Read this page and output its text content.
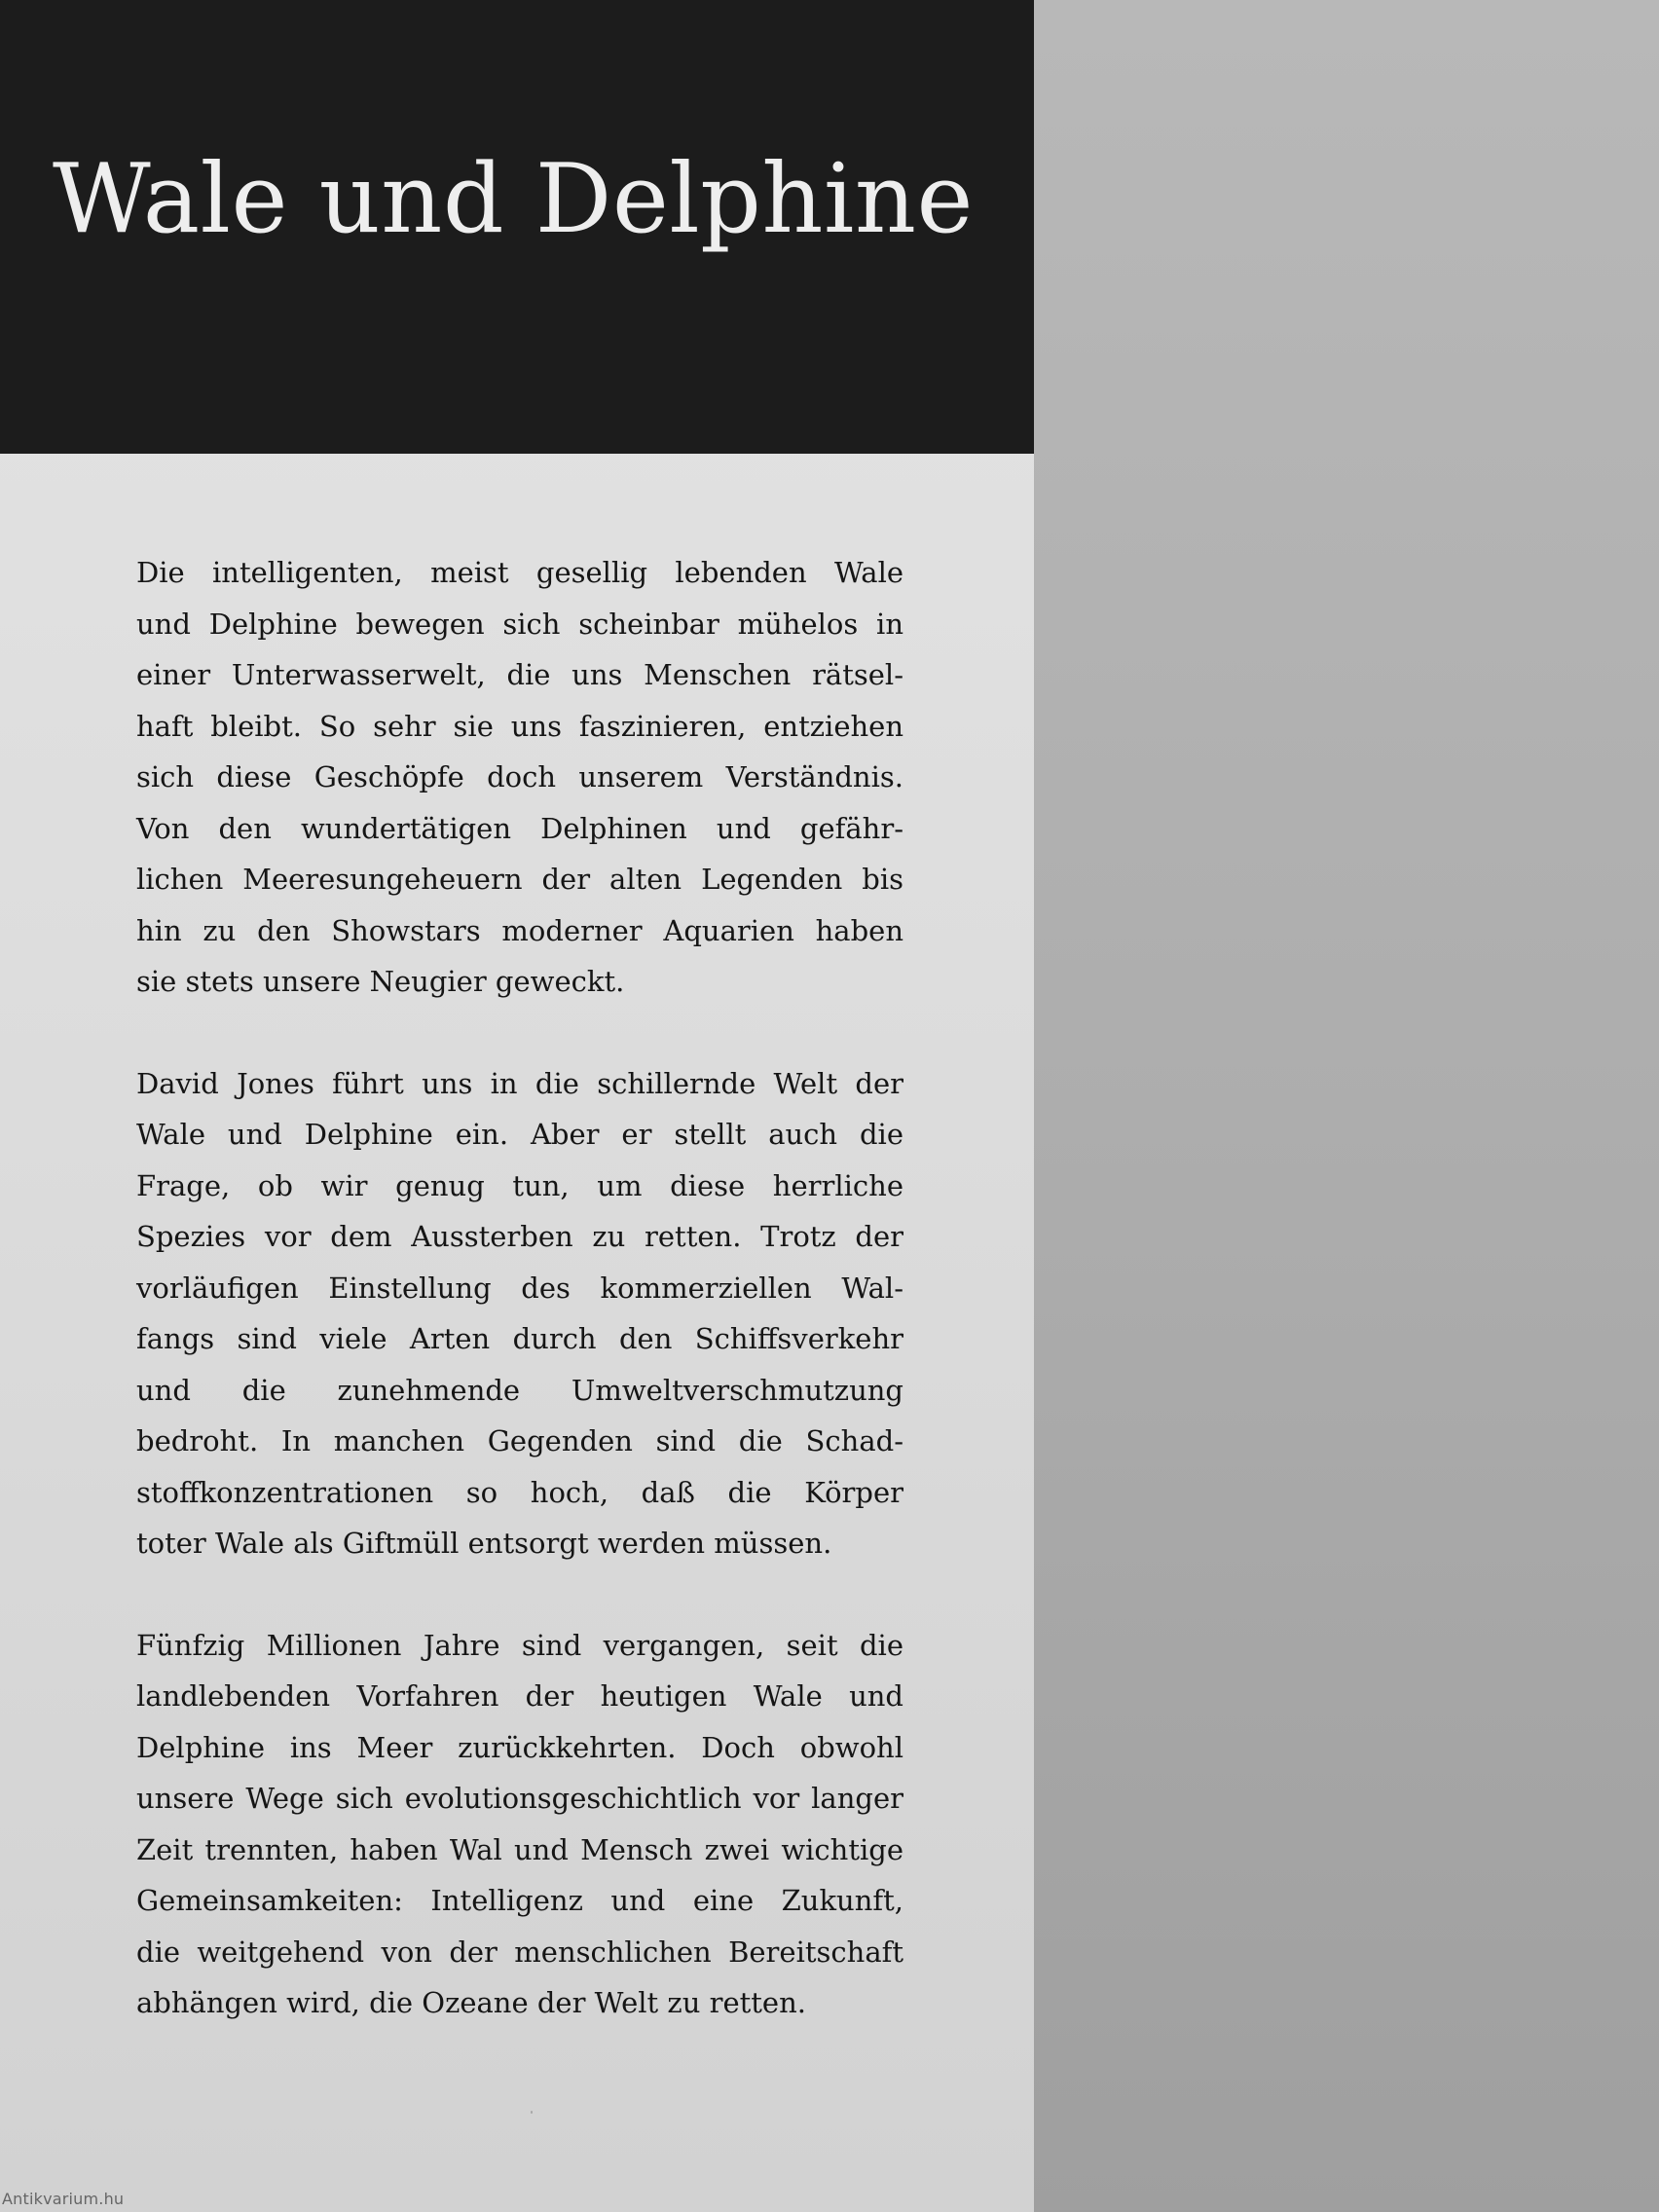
Wale und Delphine

Die intelligenten, meist gesellig lebenden Wale
und Delphine bewegen sich scheinbar mühelos in
einer Unterwasserwelt, die uns Menschen rätsel-
haft bleibt. So sehr sie uns faszinieren, entziehen
sich diese Geschöpfe doch unserem Verständnis.
Von den wundertätigen Delphinen und gefähr-
lichen Meeresungeheuern der alten Legenden bis
hin zu den Showstars moderner Aquarien haben
sie stets unsere Neugier geweckt.

David Jones führt uns in die schillernde Welt der
Wale und Delphine ein. Aber er stellt auch die
Frage, ob wir genug tun, um diese herrliche
Spezies vor dem Aussterben zu retten. Trotz der
vorläufigen Einstellung des kommerziellen Wal-
fangs sind viele Arten durch den Schiffsverkehr
und die zunehmende Umweltverschmutzung
bedroht. In manchen Gegenden sind die Schad-
stoffkonzentrationen so hoch, daß die Körper
toter Wale als Giftmüll entsorgt werden müssen.

Fünfzig Millionen Jahre sind vergangen, seit die
landlebenden Vorfahren der heutigen Wale und
Delphine ins Meer zurückkehrten. Doch obwohl
unsere Wege sich evolutionsgeschichtlich vor langer
Zeit trennten, haben Wal und Mensch zwei wichtige
Gemeinsamkeiten: Intelligenz und eine Zukunft,
die weitgehend von der menschlichen Bereitschaft
abhängen wird, die Ozeane der Welt zu retten.

Antikvarium.hu
